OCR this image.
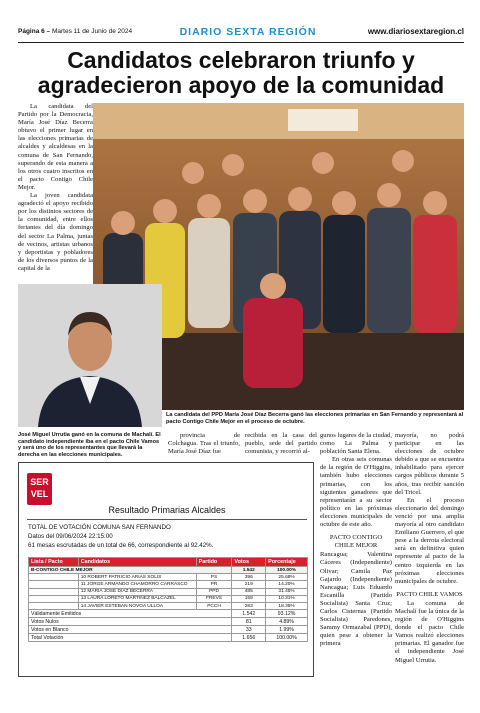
Página 6 – Martes 11 de Junio de 2024	DIARIO SEXTA REGIÓN	www.diariosextaregion.cl
Candidatos celebraron triunfo y agradecieron apoyo de la comunidad

La candidata del Partido por la Democracia, María José Díaz Becerra obtuvo el primer lugar en las elecciones primarias de alcaldes y alcaldesas en la comuna de San Fernando, superando de esta manera a los otros cuatro inscritos en el pacto Contigo Chile Mejor.

La joven candidata agradeció el apoyo recibido por los distintos sectores de la comunidad, entre ellos feriantes del día domingo del sector La Palma, juntas de vecinos, artistas urbanos y deportistas y pobladores de los diversos puntos de la capital de la

La candidata del PPD María José Díaz Becerra ganó las elecciones primarias en San Fernando y representará al pacto Contigo Chile Mejor en el proceso de octubre.
José Miguel Urrutia ganó en la comuna de Machalí. El candidato independiente iba en el pacto Chile Vamos y será uno de los representantes que llevará la derecha en las elecciones municipales.

provincia de Colchagua. Tras el triunfo, María José Díaz fue

recibida en la casa del pueblo, sede del partido comunista, y recorrió al-

gunos lugares de la ciudad, como La Palma y población Santa Elena.

En otras seis comunas de la región de O'Higgins, también hubo elecciones primarias, con los siguientes ganadores que representarán a su sector político en las próximas elecciones municipales de octubre de este año.

PACTO CONTIGO CHILE MEJOR

Rancagua; Valentina Cáceres (Independiente) Olivar; Camila Paz Gajardo (Independiente) Nancagua; Luis Eduardo Escanilla (Partido Socialista) Santa Cruz; Carlos Cisternas (Partido Socialista) Paredones, Sammy Ormazabal (PPD), quien pese a obtener la primera

mayoría, no podrá participar en las elecciones de octubre debido a que se encuentra inhabilitado para ejercer cargos públicos durante 5 años, tras recibir sanción del Tricel.

En el proceso eleccionario del domingo venció por una amplia mayoría al otro candidato Emiliano Guerrero, el que pese a la derrota electoral será en definitiva quien represente al pacto de la centro izquierda en las próximas elecciones municipales de octubre.

PACTO CHILE VAMOS

La comuna de Machalí fue la única de la región de O'Higgins donde el pacto Chile Vamos realizó elecciones primarias. El ganador fue el independiente José Miguel Urrutia.

SER
VEL
Resultado Primarias Alcaldes
TOTAL DE VOTACIÓN COMUNA SAN FERNANDO
Datos del 09/06/2024 22:15:00
61 mesas escrutadas de un total de 66, correspondiente al 92.42%.
Lista / Pacto	Candidatos	Partido	Votos	Porcentaje
B-CONTIGO CHILE MEJOR			1.542	100.00%
	10 ROBERT PATRICIO ARIAS SOLIS	PS	396	25.68%
	11 JORGE ARMANDO CHAMORRO CARRASCO	PR	219	14.20%
	12 MARIA JOSE DIAZ BECERRA	PPD	485	31.45%
	13 LAURA LORETO MARTINEZ BALCAZEL	FREVS	159	10.31%
	14 JAVIER ESTEBAN NOVOA ULLOA	PCCH	283	18.35%
Válidamente Emitidos			1.542	93.12%
Votos Nulos			81	4.89%
Votos en Blanco			33	1.99%
Total Votación			1.656	100.00%
